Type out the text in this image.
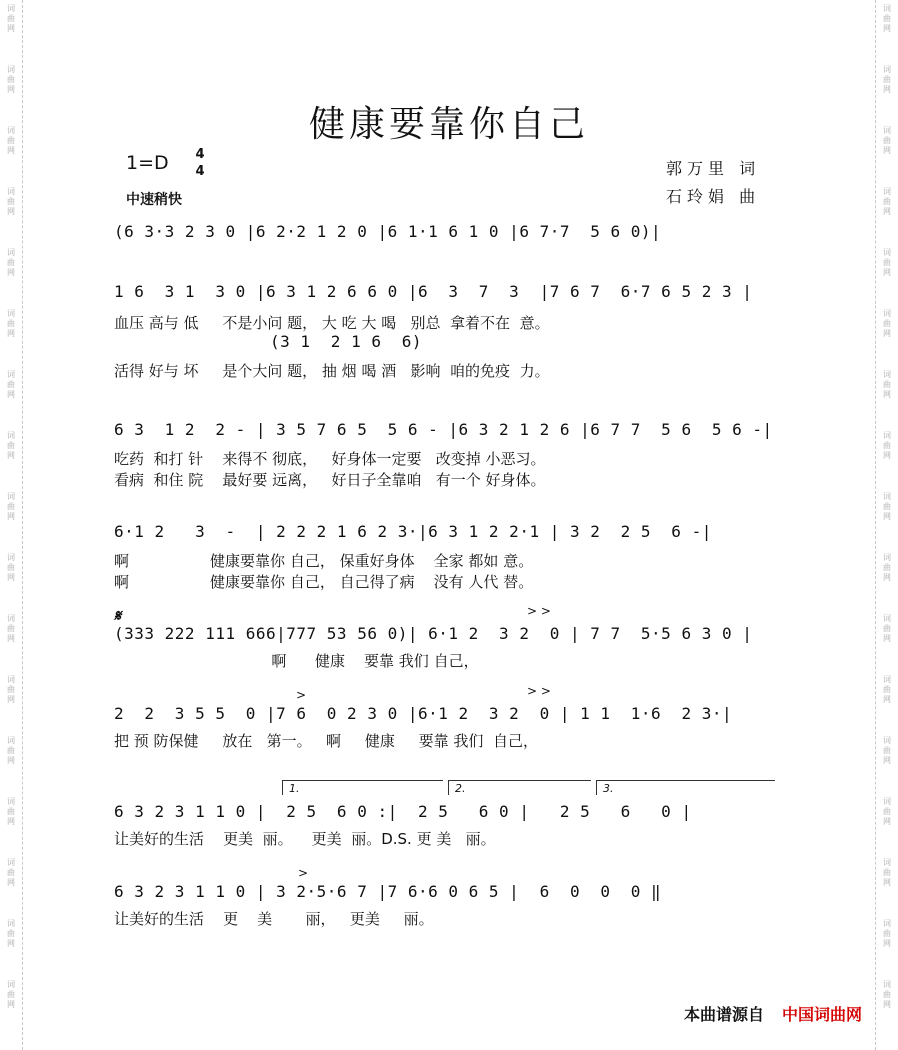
词
曲
网
词
曲
网
词
曲
网
词
曲
网
词
曲
网
词
曲
网
词
曲
网
词
曲
网
词
曲
网
词
曲
网
词
曲
网
词
曲
网
词
曲
网
词
曲
网
词
曲
网
词
曲
网
词
曲
网
词
曲
网
词
曲
网
词
曲
网
词
曲
网
词
曲
网
词
曲
网
词
曲
网
词
曲
网
词
曲
网
词
曲
网
词
曲
网
词
曲
网
词
曲
网
词
曲
网
词
曲
网
词
曲
网
词
曲
网
健康要靠你自己
1=D 4
4
中速稍快
郭万里 词
石玲娟 曲
(6 3·3 2 3 0 |6 2·2 1 2 0 |6 1·1 6 1 0 |6 7·7  5 6 0)|
1 6  3 1  3 0 |6 3 1 2 6 6 0 |6  3  7  3  |7 6 7  6·7 6 5 2 3 |
血压 高与 低     不是小问 题， 大 吃 大 喝   别总  拿着不在  意。
(3 1  2 1 6  6)
活得 好与 坏     是个大问 题， 抽 烟 喝 酒   影响  咱的免疫  力。
6 3  1 2  2 - | 3 5 7 6 5  5 6 - |6 3 2 1 2 6 |6 7 7  5 6  5 6 -|
吃药  和打 针    来得不 彻底，   好身体一定要   改变掉 小恶习。
看病  和住 院    最好要 远离，   好日子全靠咱   有一个 好身体。
6·1 2   3  -  | 2 2 2 1 6 2 3·|6 3 1 2 2·1 | 3 2  2 5  6 -|
啊                 健康要靠你 自己， 保重好身体    全家 都如 意。
啊                 健康要靠你 自己， 自己得了病    没有 人代 替。
𝄋
(333 222 111 666|777 53 56 0)| 6·1 2  3 2  0 | 7 7  5·5 6 3 0 |
啊      健康    要靠 我们 自己，
> >
2  2  3 5 5  0 |7 6  0 2 3 0 |6·1 2  3 2  0 | 1 1  1·6  2 3·|
把 预 防保健     放在   第一。   啊     健康     要靠 我们  自己，
>	> >
1.	2.	3.
6 3 2 3 1 1 0 |  2 5  6 0 :|  2 5   6 0 |   2 5   6   0 |
让美好的生活    更美  丽。    更美  丽。D.S. 更 美   丽。
6 3 2 3 1 1 0 | 3 2·5·6 7 |7 6·6 0 6 5 |  6  0  0  0 ‖
让美好的生活    更    美       丽，   更美     丽。
>
本曲谱源自 中国词曲网
